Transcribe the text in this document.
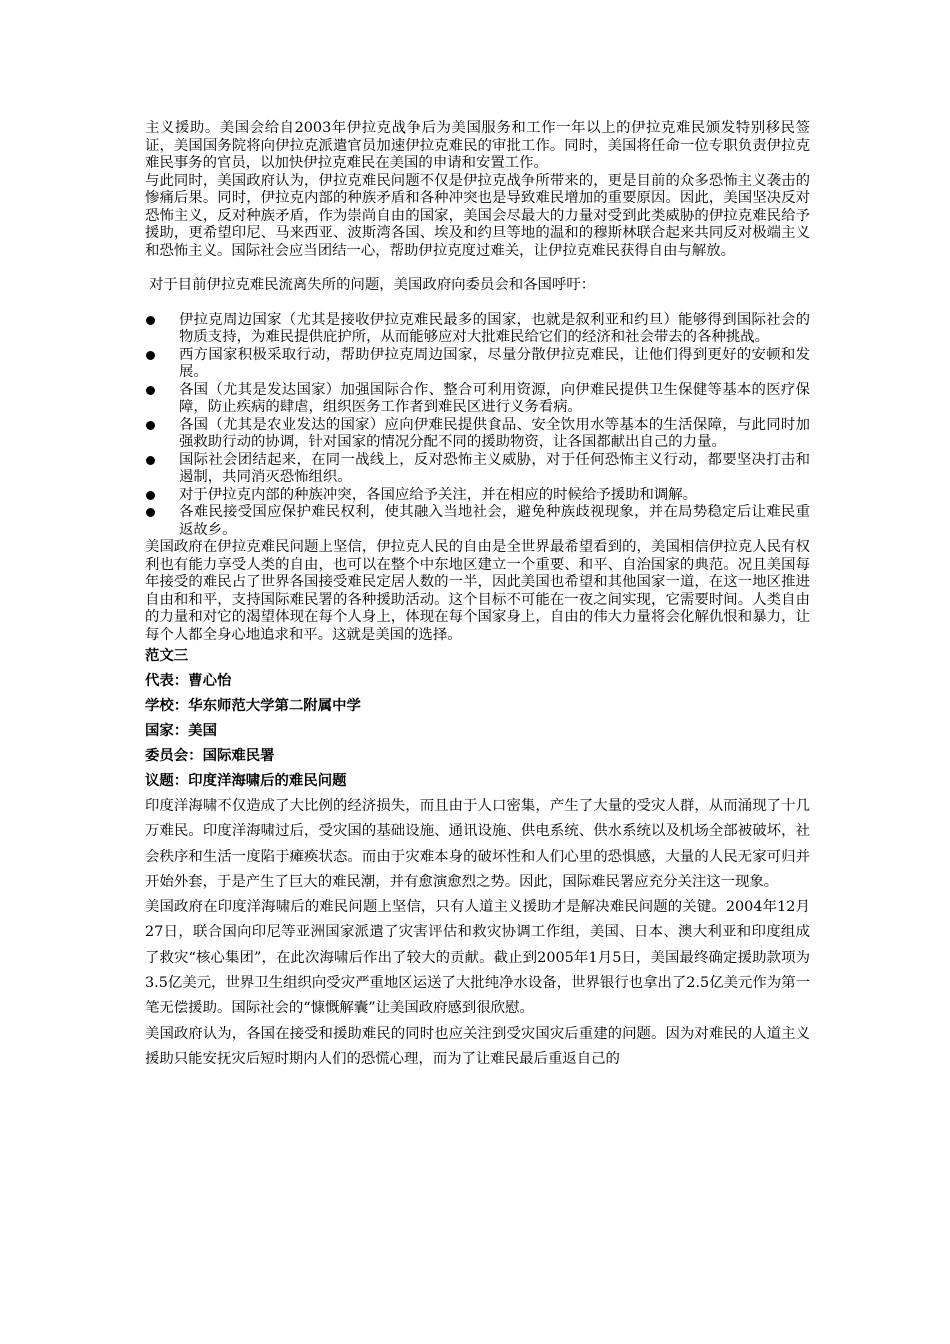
主义援助。美国会给自2003年伊拉克战争后为美国服务和工作一年以上的伊拉克难民颁发特别移民签证，美国国务院将向伊拉克派遣官员加速伊拉克难民的审批工作。同时，美国将任命一位专职负责伊拉克难民事务的官员，以加快伊拉克难民在美国的申请和安置工作。

与此同时，美国政府认为，伊拉克难民问题不仅是伊拉克战争所带来的，更是目前的众多恐怖主义袭击的惨痛后果。同时，伊拉克内部的种族矛盾和各种冲突也是导致难民增加的重要原因。因此，美国坚决反对恐怖主义，反对种族矛盾，作为崇尚自由的国家，美国会尽最大的力量对受到此类威胁的伊拉克难民给予援助，更希望印尼、马来西亚、波斯湾各国、埃及和约旦等地的温和的穆斯林联合起来共同反对极端主义和恐怖主义。国际社会应当团结一心，帮助伊拉克度过难关，让伊拉克难民获得自由与解放。

对于目前伊拉克难民流离失所的问题，美国政府向委员会和各国呼吁：

伊拉克周边国家（尤其是接收伊拉克难民最多的国家，也就是叙利亚和约旦）能够得到国际社会的物质支持，为难民提供庇护所，从而能够应对大批难民给它们的经济和社会带去的各种挑战。
西方国家积极采取行动，帮助伊拉克周边国家，尽量分散伊拉克难民，让他们得到更好的安顿和发展。
各国（尤其是发达国家）加强国际合作、整合可利用资源，向伊难民提供卫生保健等基本的医疗保障，防止疾病的肆虐，组织医务工作者到难民区进行义务看病。
各国（尤其是农业发达的国家）应向伊难民提供食品、安全饮用水等基本的生活保障，与此同时加强救助行动的协调，针对国家的情况分配不同的援助物资，让各国都献出自己的力量。
国际社会团结起来，在同一战线上，反对恐怖主义威胁，对于任何恐怖主义行动，都要坚决打击和遏制，共同消灭恐怖组织。
对于伊拉克内部的种族冲突，各国应给予关注，并在相应的时候给予援助和调解。
各难民接受国应保护难民权利，使其融入当地社会，避免种族歧视现象，并在局势稳定后让难民重返故乡。

美国政府在伊拉克难民问题上坚信，伊拉克人民的自由是全世界最希望看到的，美国相信伊拉克人民有权利也有能力享受人类的自由，也可以在整个中东地区建立一个重要、和平、自治国家的典范。况且美国每年接受的难民占了世界各国接受难民定居人数的一半，因此美国也希望和其他国家一道，在这一地区推进自由和和平，支持国际难民署的各种援助活动。这个目标不可能在一夜之间实现，它需要时间。人类自由的力量和对它的渴望体现在每个人身上，体现在每个国家身上，自由的伟大力量将会化解仇恨和暴力，让每个人都全身心地追求和平。这就是美国的选择。

范文三

代表：曹心怡

学校：华东师范大学第二附属中学

国家：美国

委员会：国际难民署

议题：印度洋海啸后的难民问题

印度洋海啸不仅造成了大比例的经济损失，而且由于人口密集，产生了大量的受灾人群，从而涌现了十几万难民。印度洋海啸过后，受灾国的基础设施、通讯设施、供电系统、供水系统以及机场全部被破坏，社会秩序和生活一度陷于瘫痪状态。而由于灾难本身的破坏性和人们心里的恐惧感，大量的人民无家可归并开始外套，于是产生了巨大的难民潮，并有愈演愈烈之势。因此，国际难民署应充分关注这一现象。

美国政府在印度洋海啸后的难民问题上坚信，只有人道主义援助才是解决难民问题的关键。2004年12月27日，联合国向印尼等亚洲国家派遣了灾害评估和救灾协调工作组，美国、日本、澳大利亚和印度组成了救灾“核心集团”，在此次海啸后作出了较大的贡献。截止到2005年1月5日，美国最终确定援助款项为3.5亿美元，世界卫生组织向受灾严重地区运送了大批纯净水设备，世界银行也拿出了2.5亿美元作为第一笔无偿援助。国际社会的“慷慨解囊”让美国政府感到很欣慰。

美国政府认为，各国在接受和援助难民的同时也应关注到受灾国灾后重建的问题。因为对难民的人道主义援助只能安抚灾后短时期内人们的恐慌心理，而为了让难民最后重返自己的
